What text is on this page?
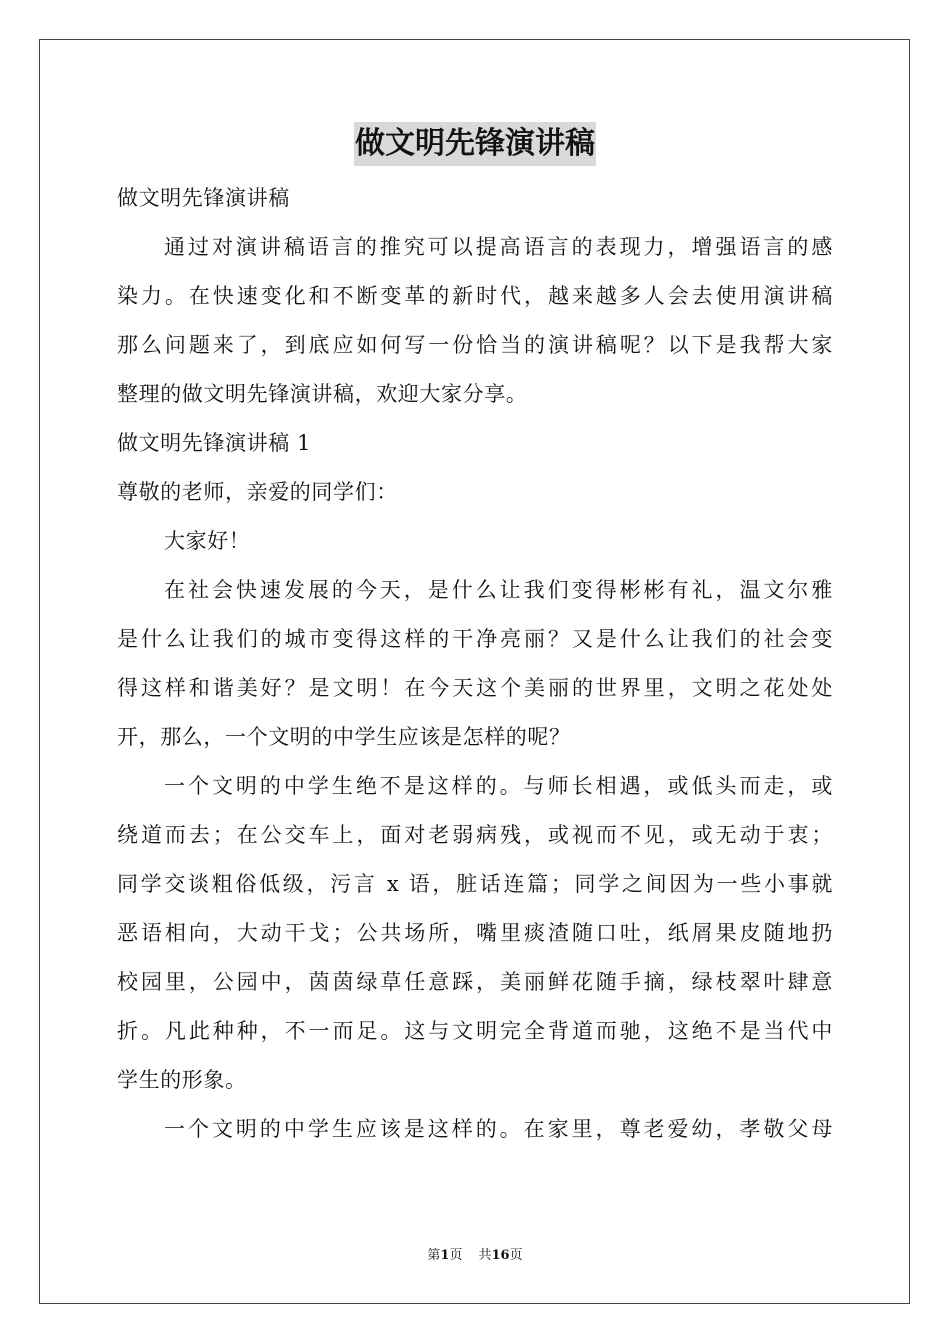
做文明先锋演讲稿
做文明先锋演讲稿
通过对演讲稿语言的推究可以提高语言的表现力，增强语言的感
染力。在快速变化和不断变革的新时代，越来越多人会去使用演讲稿
那么问题来了，到底应如何写一份恰当的演讲稿呢？以下是我帮大家
整理的做文明先锋演讲稿，欢迎大家分享。
做文明先锋演讲稿 1
尊敬的老师，亲爱的同学们：
大家好！
在社会快速发展的今天，是什么让我们变得彬彬有礼，温文尔雅
是什么让我们的城市变得这样的干净亮丽？又是什么让我们的社会变
得这样和谐美好？是文明！在今天这个美丽的世界里，文明之花处处
开，那么，一个文明的中学生应该是怎样的呢？
一个文明的中学生绝不是这样的。与师长相遇，或低头而走，或
绕道而去；在公交车上，面对老弱病残，或视而不见，或无动于衷；
同学交谈粗俗低级，污言 x 语，脏话连篇；同学之间因为一些小事就
恶语相向，大动干戈；公共场所，嘴里痰渣随口吐，纸屑果皮随地扔
校园里，公园中，茵茵绿草任意踩，美丽鲜花随手摘，绿枝翠叶肆意
折。凡此种种，不一而足。这与文明完全背道而驰，这绝不是当代中
学生的形象。
一个文明的中学生应该是这样的。在家里，尊老爱幼，孝敬父母
第1页 共16页
